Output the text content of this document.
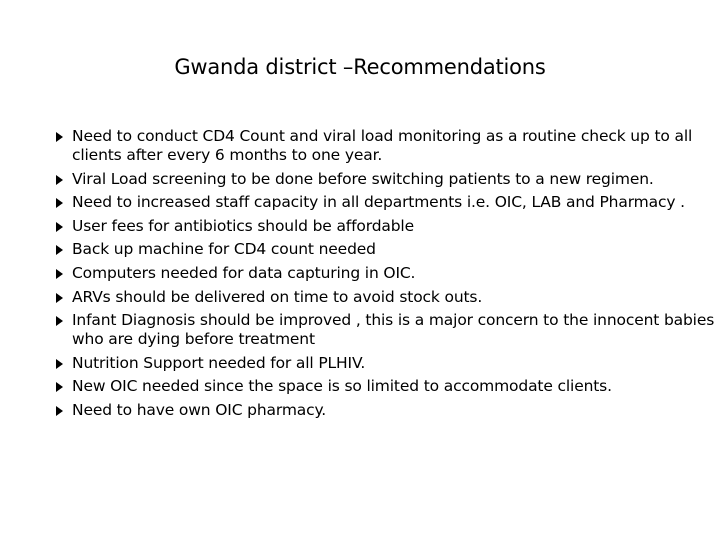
Gwanda district –Recommendations
Need to conduct CD4 Count and viral load monitoring as a routine check up to all clients after every 6 months to one year.
Viral Load screening to be done before switching patients to a new regimen.
Need to increased staff capacity in all departments i.e. OIC, LAB and Pharmacy .
User fees for antibiotics should be affordable
Back up machine for CD4 count needed
Computers needed for data capturing in OIC.
ARVs should be delivered on time to avoid stock outs.
Infant Diagnosis should be improved , this is a major concern to the innocent babies who are dying before treatment
Nutrition Support needed for all PLHIV.
New OIC needed since the space is so limited to accommodate clients.
Need to have own OIC pharmacy.
